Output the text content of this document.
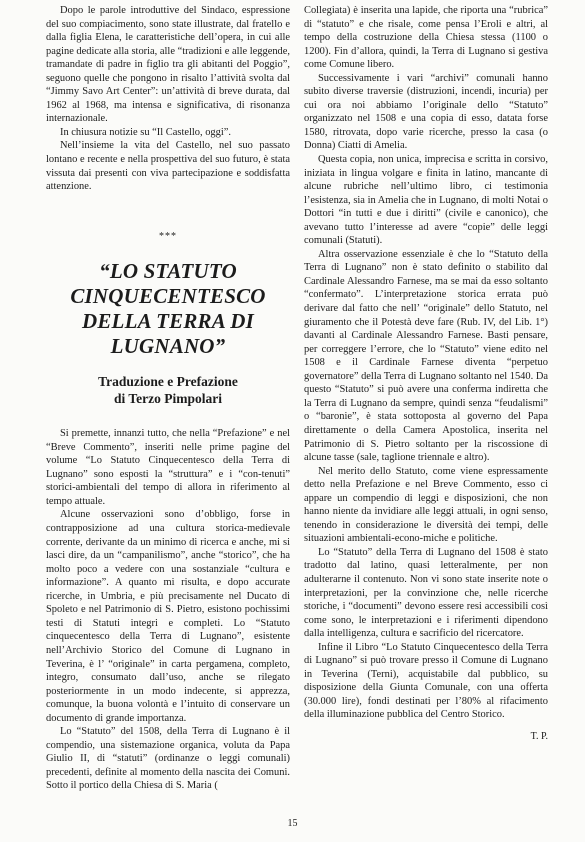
Dopo le parole introduttive del Sindaco, espressione del suo compiacimento, sono state illustrate, dal fratello e dalla figlia Elena, le caratteristiche dell’opera, in cui alle pagine dedicate alla storia, alle “tradizioni e alle leggende, tramandate di padre in figlio tra gli abitanti del Poggio”, seguono quelle che pongono in risalto l’attività svolta dal “Jimmy Savo Art Center”: un’attività di breve durata, dal 1962 al 1968, ma intensa e significativa, di risonanza internazionale.

In chiusura notizie su “Il Castello, oggi”.

Nell’insieme la vita del Castello, nel suo passato lontano e recente e nella prospettiva del suo futuro, è stata vissuta dai presenti con viva partecipazione e soddisfatta attenzione.

***
“LO STATUTO CINQUECENTESCO DELLA TERRA DI LUGNANO”
Traduzione e Prefazione
di Terzo Pimpolari

Si premette, innanzi tutto, che nella “Prefazione” e nel “Breve Commento”, inseriti nelle prime pagine del volume “Lo Statuto Cinquecentesco della Terra di Lugnano” sono esposti la “struttura” e i “con-tenuti” storici-ambientali del tempo di allora in riferimento al tempo attuale.

Alcune osservazioni sono d’obbligo, forse in contrapposizione ad una cultura storica-medievale corrente, derivante da un minimo di ricerca e anche, mi si lasci dire, da un “campanilismo”, anche “storico”, che ha molto poco a vedere con una sostanziale “cultura e informazione”. A quanto mi risulta, e dopo accurate ricerche, in Umbria, e più precisamente nel Ducato di Spoleto e nel Patrimonio di S. Pietro, esistono pochissimi testi di Statuti integri e completi. Lo “Statuto cinquecentesco della Terra di Lugnano”, esistente nell’Archivio Storico del Comune di Lugnano in Teverina, è l’ “originale” in carta pergamena, completo, integro, consumato dall’uso, anche se rilegato posteriormente in un modo indecente, si apprezza, comunque, la buona volontà e l’intuito di conservare un documento di grande importanza.

Lo “Statuto” del 1508, della Terra di Lugnano è il compendio, una sistemazione organica, voluta da Papa Giulio II, di “statuti” (ordinanze o leggi comunali) precedenti, definite al momento della nascita dei Comuni. Sotto il portico della Chiesa di S. Maria (

Collegiata) è inserita una lapide, che riporta una “rubrica” di “statuto” e che risale, come pensa l’Eroli e altri, al tempo della costruzione della Chiesa stessa (1100 o 1200). Fin d’allora, quindi, la Terra di Lugnano si gestiva come Comune libero.

Successivamente i vari “archivi” comunali hanno subito diverse traversie (distruzioni, incendi, incuria) per cui ora noi abbiamo l’originale dello “Statuto” organizzato nel 1508 e una copia di esso, datata forse 1580, ritrovata, dopo varie ricerche, presso la casa (o Donna) Ciatti di Amelia.

Questa copia, non unica, imprecisa e scritta in corsivo, iniziata in lingua volgare e finita in latino, mancante di alcune rubriche nell’ultimo libro, ci testimonia l’esistenza, sia in Amelia che in Lugnano, di molti Notai o Dottori “in tutti e due i diritti” (civile e canonico), che avevano tutto l’interesse ad avere “copie” delle leggi comunali (Statuti).

Altra osservazione essenziale è che lo “Statuto della Terra di Lugnano” non è stato definito o stabilito dal Cardinale Alessandro Farnese, ma se mai da esso soltanto “confermato”. L’interpretazione storica errata può derivare dal fatto che nell’ “originale” dello Statuto, nel giuramento che il Potestà deve fare (Rub. IV, del Lib. 1°) davanti al Cardinale Alessandro Farnese. Basti pensare, per correggere l’errore, che lo “Statuto” viene edito nel 1508 e il Cardinale Farnese diventa “perpetuo governatore” della Terra di Lugnano soltanto nel 1540. Da questo “Statuto” si può avere una conferma indiretta che la Terra di Lugnano da sempre, quindi senza “feudalismi” o “baronie”, è stata sottoposta al governo del Papa direttamente o della Camera Apostolica, inserita nel Patrimonio di S. Pietro soltanto per la riscossione di alcune tasse (sale, taglione triennale e altro).

Nel merito dello Statuto, come viene espressamente detto nella Prefazione e nel Breve Commento, esso ci appare un compendio di leggi e disposizioni, che non hanno niente da invidiare alle leggi attuali, in ogni senso, tenendo in considerazione le diversità dei tempi, delle situazioni ambientali-econo-miche e politiche.

Lo “Statuto” della Terra di Lugnano del 1508 è stato tradotto dal latino, quasi letteralmente, per non adulterarne il contenuto. Non vi sono state inserite note o interpretazioni, per la convinzione che, nelle ricerche storiche, i “documenti” devono essere resi accessibili così come sono, le interpretazioni e i riferimenti dipendono dalla intelligenza, cultura e sacrificio del ricercatore.

Infine il Libro “Lo Statuto Cinquecentesco della Terra di Lugnano” si può trovare presso il Comune di Lugnano in Teverina (Terni), acquistabile dal pubblico, su disposizione della Giunta Comunale, con una offerta (30.000 lire), fondi destinati per l’80% al rifacimento della illuminazione pubblica del Centro Storico.

T. P.
15
